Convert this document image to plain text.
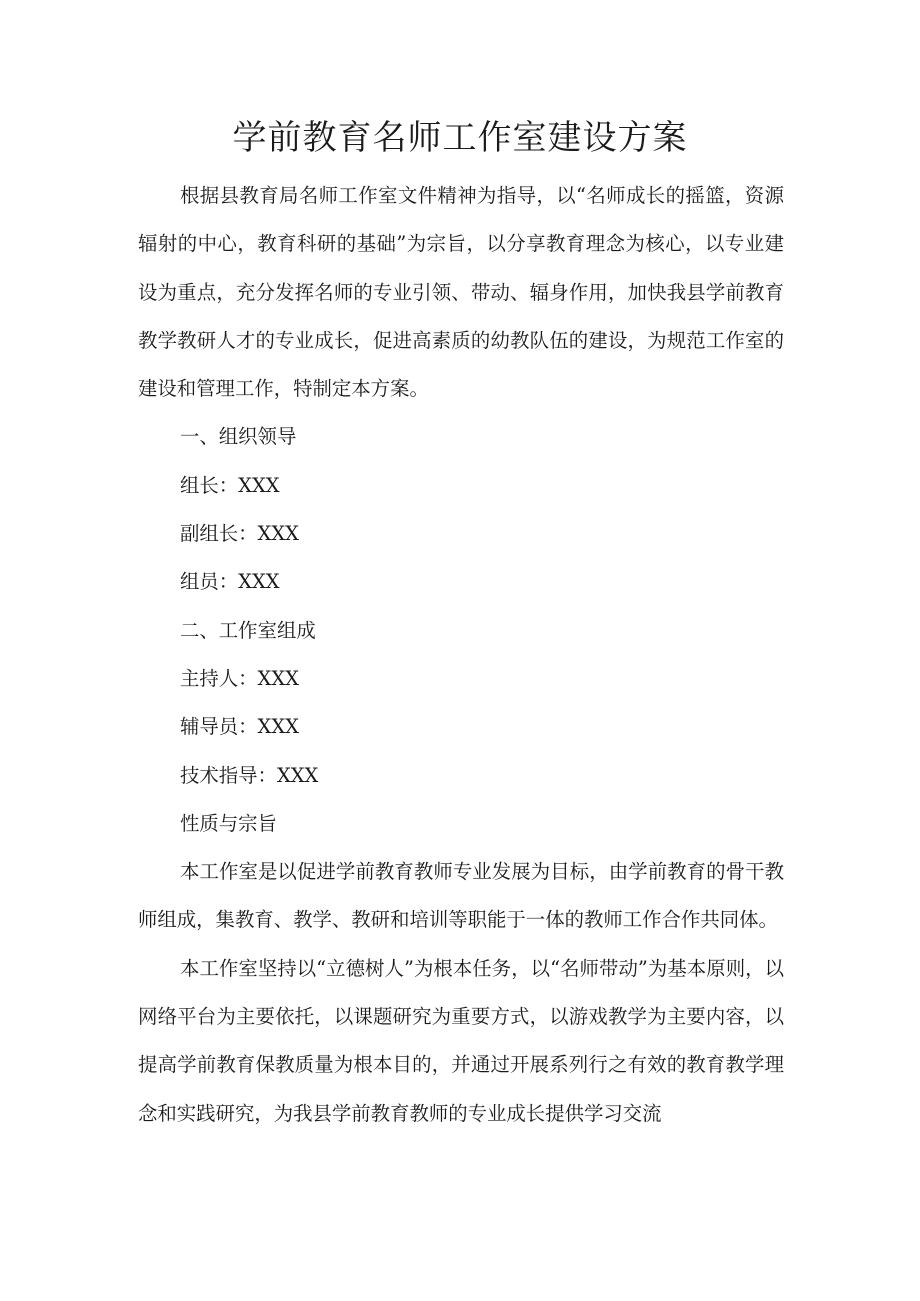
学前教育名师工作室建设方案

根据县教育局名师工作室文件精神为指导，以“名师成长的摇篮，资源辐射的中心，教育科研的基础”为宗旨，以分享教育理念为核心，以专业建设为重点，充分发挥名师的专业引领、带动、辐身作用，加快我县学前教育教学教研人才的专业成长，促进高素质的幼教队伍的建设，为规范工作室的建设和管理工作，特制定本方案。

一、组织领导

组长：XXX

副组长：XXX

组员：XXX

二、工作室组成

主持人：XXX

辅导员：XXX

技术指导：XXX

性质与宗旨

本工作室是以促进学前教育教师专业发展为目标，由学前教育的骨干教师组成，集教育、教学、教研和培训等职能于一体的教师工作合作共同体。

本工作室坚持以“立德树人”为根本任务，以“名师带动”为基本原则，以网络平台为主要依托，以课题研究为重要方式，以游戏教学为主要内容，以提高学前教育保教质量为根本目的，并通过开展系列行之有效的教育教学理念和实践研究，为我县学前教育教师的专业成长提供学习交流
